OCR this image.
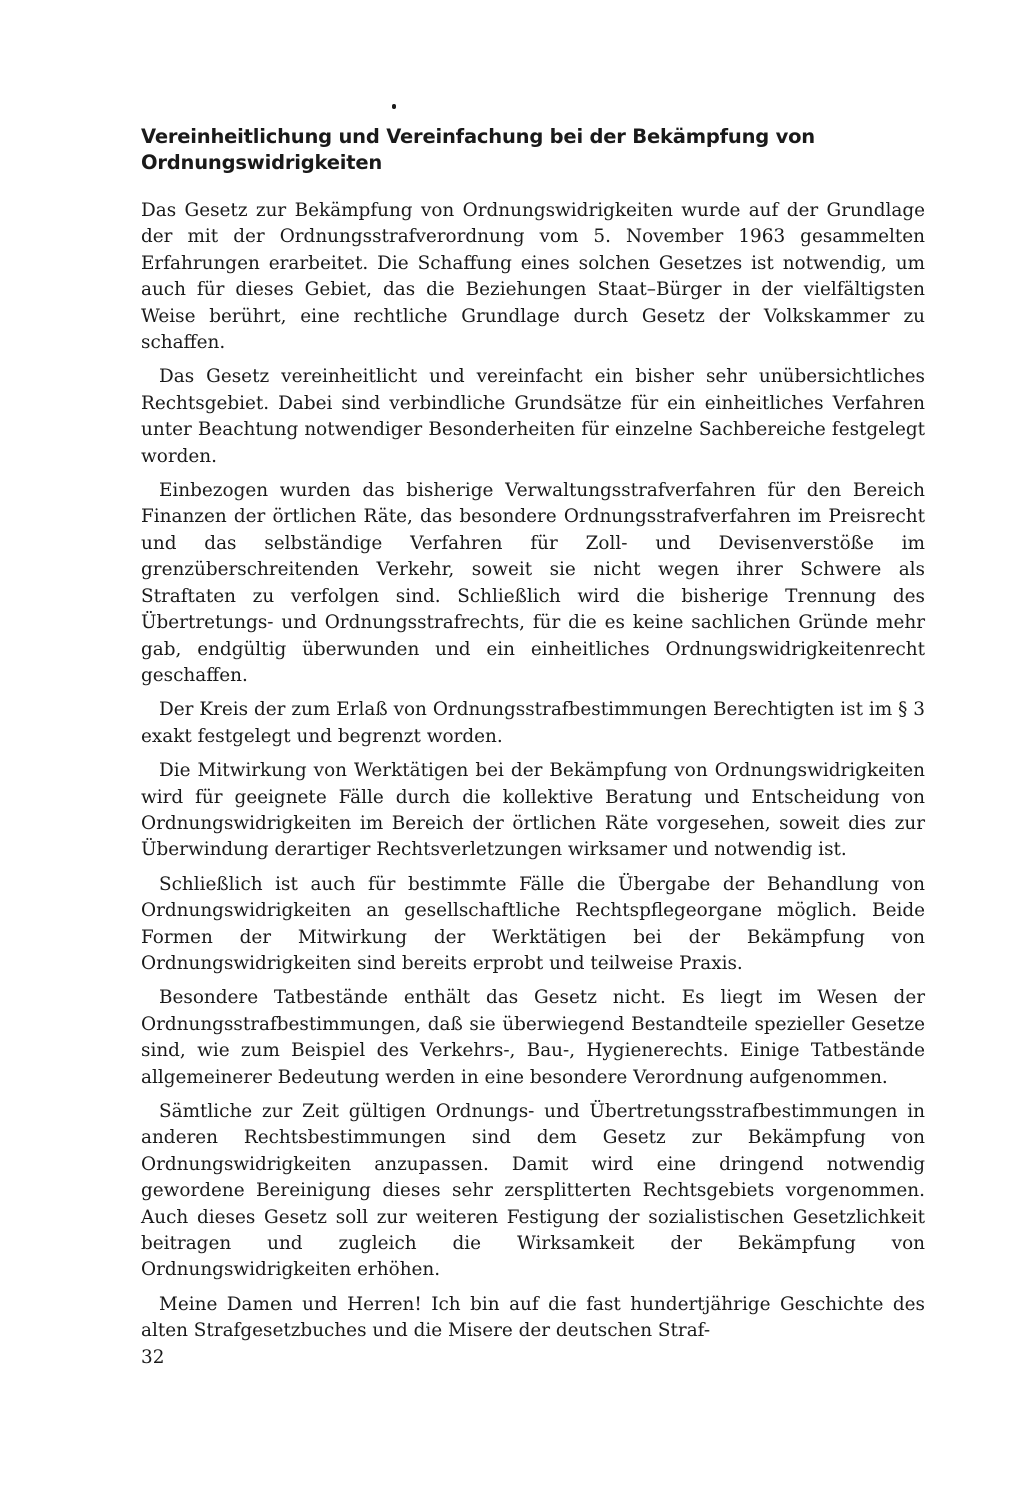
Vereinheitlichung und Vereinfachung bei der Bekämpfung von Ordnungswidrigkeiten

Das Gesetz zur Bekämpfung von Ordnungswidrigkeiten wurde auf der Grundlage der mit der Ordnungsstrafverordnung vom 5. November 1963 gesammelten Erfahrungen erarbeitet. Die Schaffung eines solchen Gesetzes ist notwendig, um auch für dieses Gebiet, das die Beziehungen Staat–Bürger in der vielfältigsten Weise berührt, eine rechtliche Grundlage durch Gesetz der Volkskammer zu schaffen.

Das Gesetz vereinheitlicht und vereinfacht ein bisher sehr unübersichtliches Rechtsgebiet. Dabei sind verbindliche Grundsätze für ein einheitliches Verfahren unter Beachtung notwendiger Besonderheiten für einzelne Sachbereiche festgelegt worden.

Einbezogen wurden das bisherige Verwaltungsstrafverfahren für den Bereich Finanzen der örtlichen Räte, das besondere Ordnungsstrafverfahren im Preisrecht und das selbständige Verfahren für Zoll- und Devisenverstöße im grenzüberschreitenden Verkehr, soweit sie nicht wegen ihrer Schwere als Straftaten zu verfolgen sind. Schließlich wird die bisherige Trennung des Übertretungs- und Ordnungsstrafrechts, für die es keine sachlichen Gründe mehr gab, endgültig überwunden und ein einheitliches Ordnungswidrigkeitenrecht geschaffen.

Der Kreis der zum Erlaß von Ordnungsstrafbestimmungen Berechtigten ist im § 3 exakt festgelegt und begrenzt worden.

Die Mitwirkung von Werktätigen bei der Bekämpfung von Ordnungswidrigkeiten wird für geeignete Fälle durch die kollektive Beratung und Entscheidung von Ordnungswidrigkeiten im Bereich der örtlichen Räte vorgesehen, soweit dies zur Überwindung derartiger Rechtsverletzungen wirksamer und notwendig ist.

Schließlich ist auch für bestimmte Fälle die Übergabe der Behandlung von Ordnungswidrigkeiten an gesellschaftliche Rechtspflegeorgane möglich. Beide Formen der Mitwirkung der Werktätigen bei der Bekämpfung von Ordnungswidrigkeiten sind bereits erprobt und teilweise Praxis.

Besondere Tatbestände enthält das Gesetz nicht. Es liegt im Wesen der Ordnungsstrafbestimmungen, daß sie überwiegend Bestandteile spezieller Gesetze sind, wie zum Beispiel des Verkehrs-, Bau-, Hygienerechts. Einige Tatbestände allgemeinerer Bedeutung werden in eine besondere Verordnung aufgenommen.

Sämtliche zur Zeit gültigen Ordnungs- und Übertretungsstrafbestimmungen in anderen Rechtsbestimmungen sind dem Gesetz zur Bekämpfung von Ordnungswidrigkeiten anzupassen. Damit wird eine dringend notwendig gewordene Bereinigung dieses sehr zersplitterten Rechtsgebiets vorgenommen. Auch dieses Gesetz soll zur weiteren Festigung der sozialistischen Gesetzlichkeit beitragen und zugleich die Wirksamkeit der Bekämpfung von Ordnungswidrigkeiten erhöhen.

Meine Damen und Herren! Ich bin auf die fast hundertjährige Geschichte des alten Strafgesetzbuches und die Misere der deutschen Straf-

32
